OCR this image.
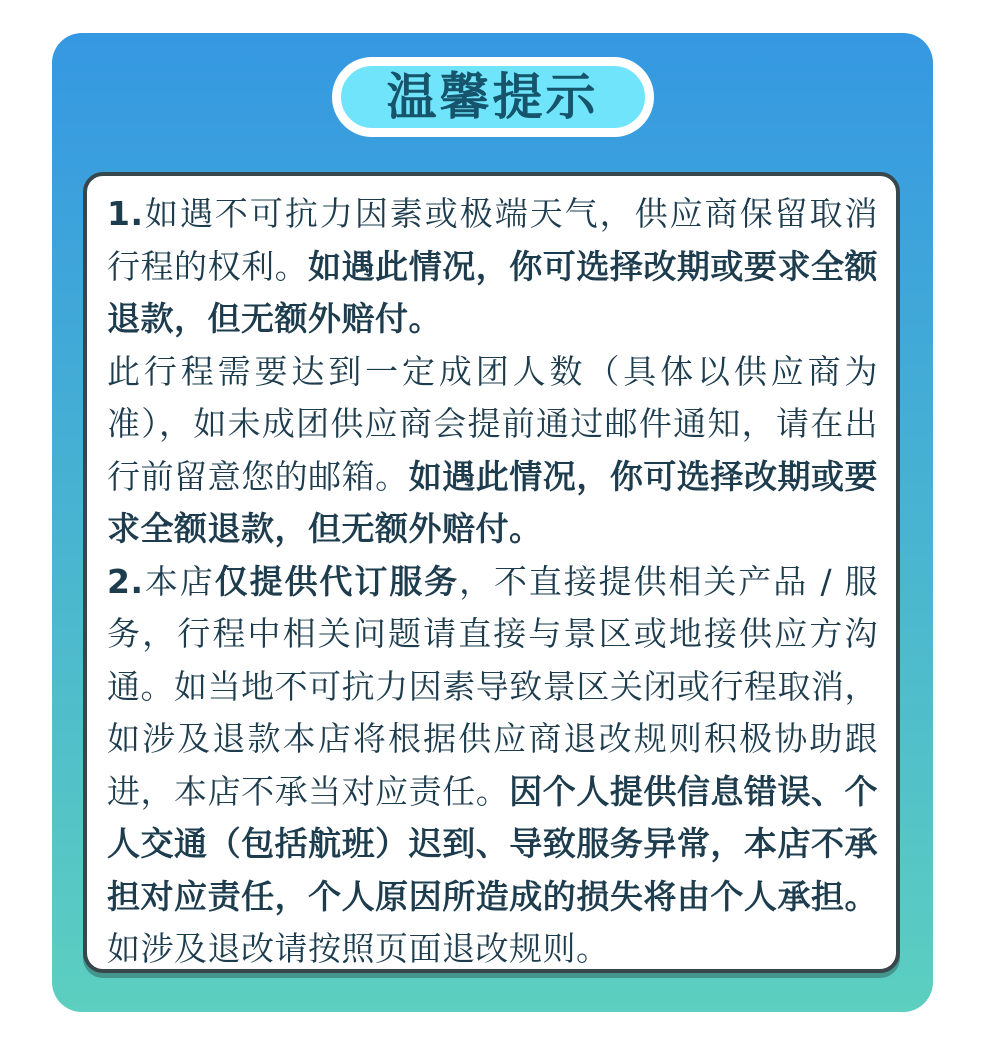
温馨提示

1.如遇不可抗力因素或极端天气，供应商保留取消行程的权利。如遇此情况，你可选择改期或要求全额退款，但无额外赔付。

此行程需要达到一定成团人数（具体以供应商为准），如未成团供应商会提前通过邮件通知，请在出行前留意您的邮箱。如遇此情况，你可选择改期或要求全额退款，但无额外赔付。

2.本店仅提供代订服务，不直接提供相关产品 / 服务，行程中相关问题请直接与景区或地接供应方沟通。如当地不可抗力因素导致景区关闭或行程取消，如涉及退款本店将根据供应商退改规则积极协助跟进，本店不承当对应责任。因个人提供信息错误、个人交通（包括航班）迟到、导致服务异常，本店不承担对应责任，个人原因所造成的损失将由个人承担。如涉及退改请按照页面退改规则。
